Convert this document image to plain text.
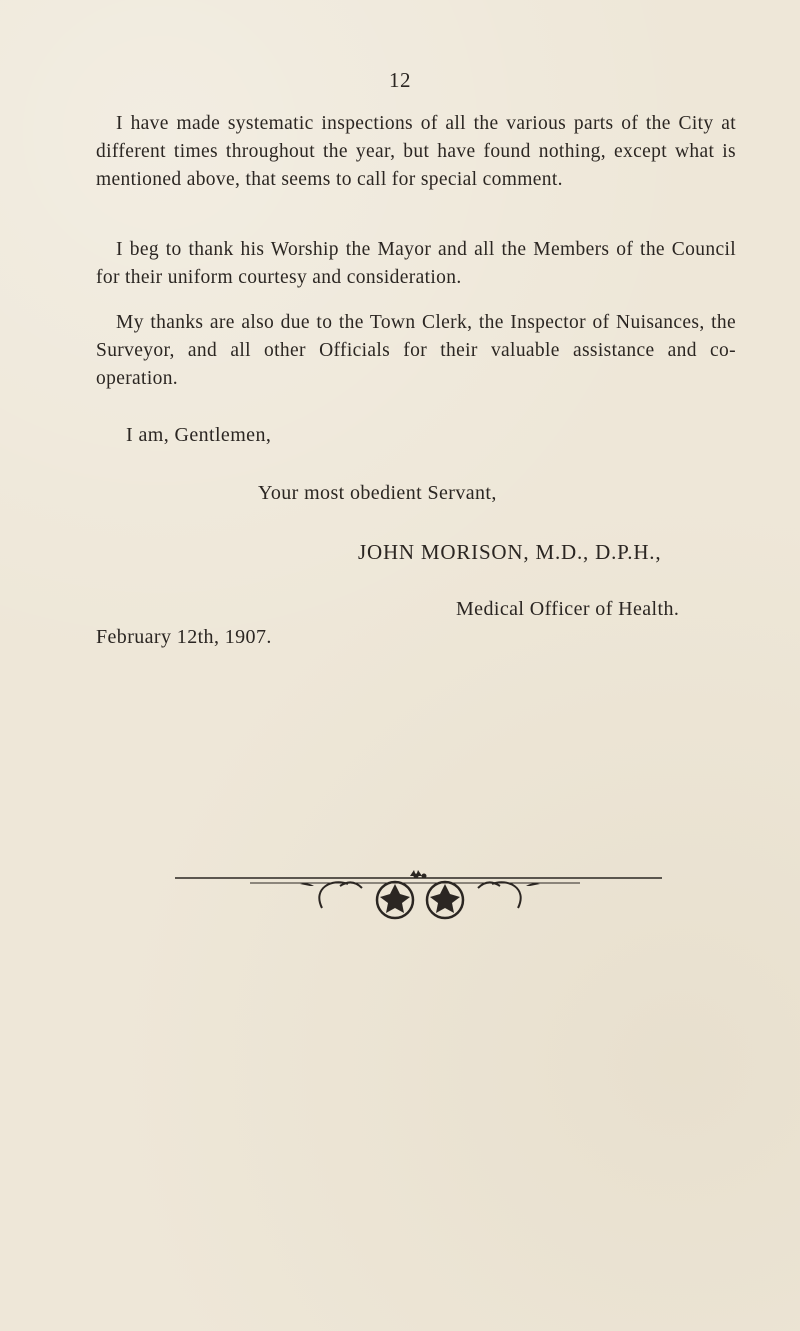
12

I have made systematic inspections of all the various parts of the City at different times throughout the year, but have found nothing, except what is mentioned above, that seems to call for special comment.

I beg to thank his Worship the Mayor and all the Members of the Council for their uniform courtesy and consideration.

My thanks are also due to the Town Clerk, the Inspector of Nuisances, the Surveyor, and all other Officials for their valuable assistance and co-operation.

I am, Gentlemen,
Your most obedient Servant,
JOHN MORISON, M.D., D.P.H.,
Medical Officer of Health.
February 12th, 1907.
